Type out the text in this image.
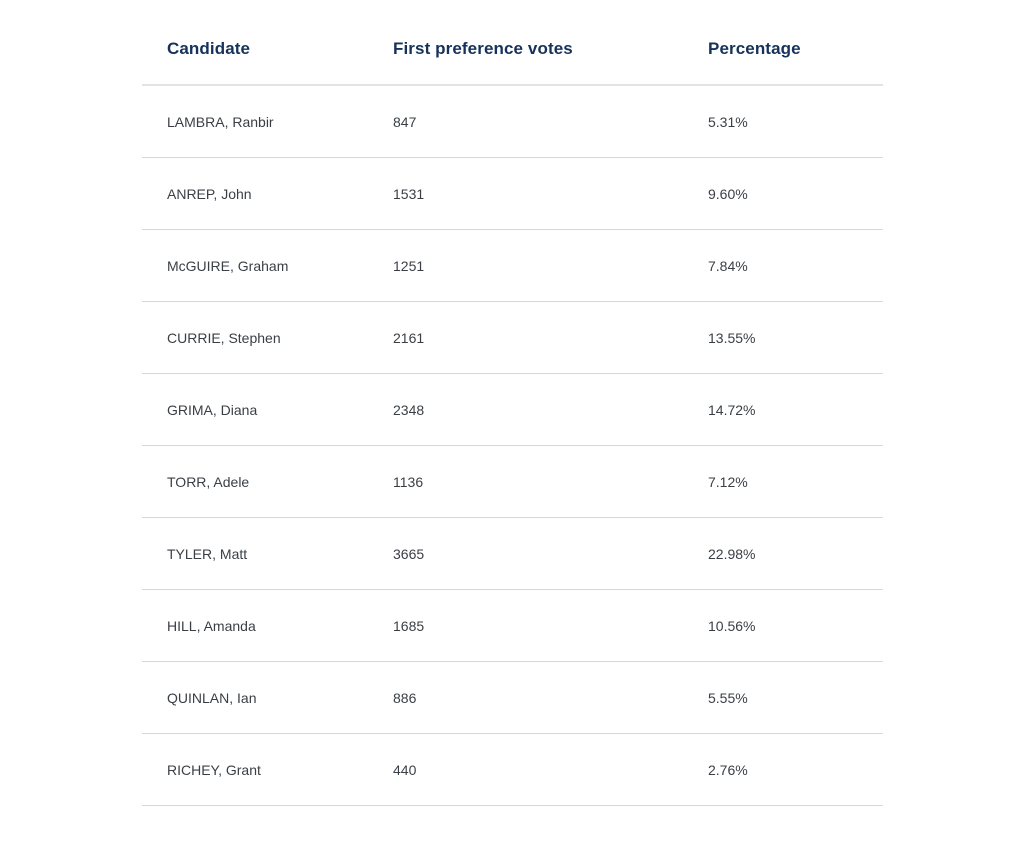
Candidate	First preference votes	Percentage
LAMBRA, Ranbir	847	5.31%
ANREP, John	1531	9.60%
McGUIRE, Graham	1251	7.84%
CURRIE, Stephen	2161	13.55%
GRIMA, Diana	2348	14.72%
TORR, Adele	1136	7.12%
TYLER, Matt	3665	22.98%
HILL, Amanda	1685	10.56%
QUINLAN, Ian	886	5.55%
RICHEY, Grant	440	2.76%
